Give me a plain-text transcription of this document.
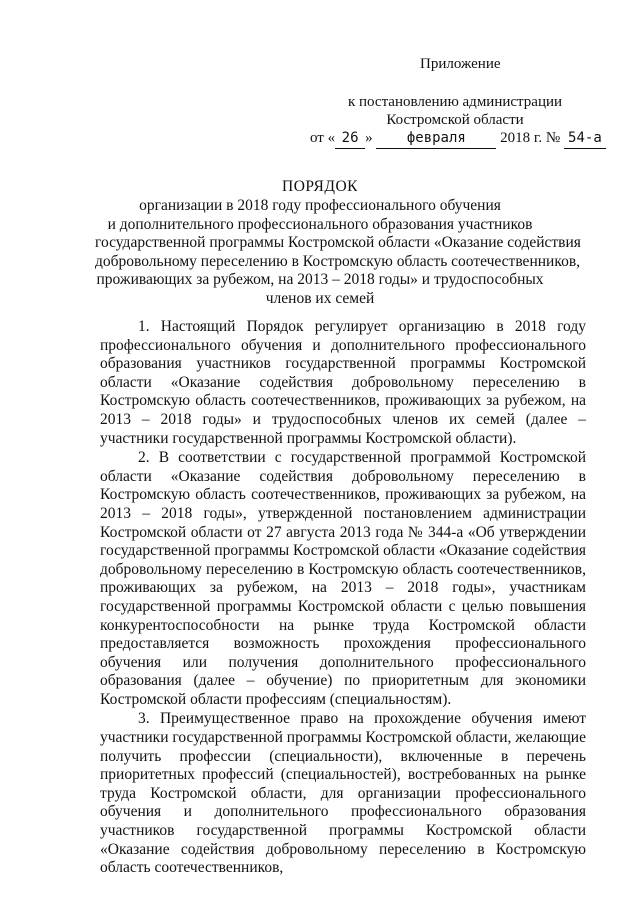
Приложение
к постановлению администрации
Костромской области
от « 26 » февраля 2018 г. № 54-а
ПОРЯДОК
организации в 2018 году профессионального обучения
и дополнительного профессионального образования участников
государственной программы Костромской области «Оказание содействия
добровольному переселению в Костромскую область соотечественников,
проживающих за рубежом, на 2013 – 2018 годы» и трудоспособных
членов их семей

1. Настоящий Порядок регулирует организацию в 2018 году профессионального обучения и дополнительного профессионального образования участников государственной программы Костромской области «Оказание содействия добровольному переселению в Костромскую область соотечественников, проживающих за рубежом, на 2013 – 2018 годы» и трудоспособных членов их семей (далее – участники государственной программы Костромской области).

2. В соответствии с государственной программой Костромской области «Оказание содействия добровольному переселению в Костромскую область соотечественников, проживающих за рубежом, на 2013 – 2018 годы», утвержденной постановлением администрации Костромской области от 27 августа 2013 года № 344-а «Об утверждении государственной программы Костромской области «Оказание содействия добровольному переселению в Костромскую область соотечественников, проживающих за рубежом, на 2013 – 2018 годы», участникам государственной программы Костромской области с целью повышения конкурентоспособности на рынке труда Костромской области предоставляется возможность прохождения профессионального обучения или получения дополнительного профессионального образования (далее – обучение) по приоритетным для экономики Костромской области профессиям (специальностям).

3. Преимущественное право на прохождение обучения имеют участники государственной программы Костромской области, желающие получить профессии (специальности), включенные в перечень приоритетных профессий (специальностей), востребованных на рынке труда Костромской области, для организации профессионального обучения и дополнительного профессионального образования участников государственной программы Костромской области «Оказание содействия добровольному переселению в Костромскую область соотечественников,
